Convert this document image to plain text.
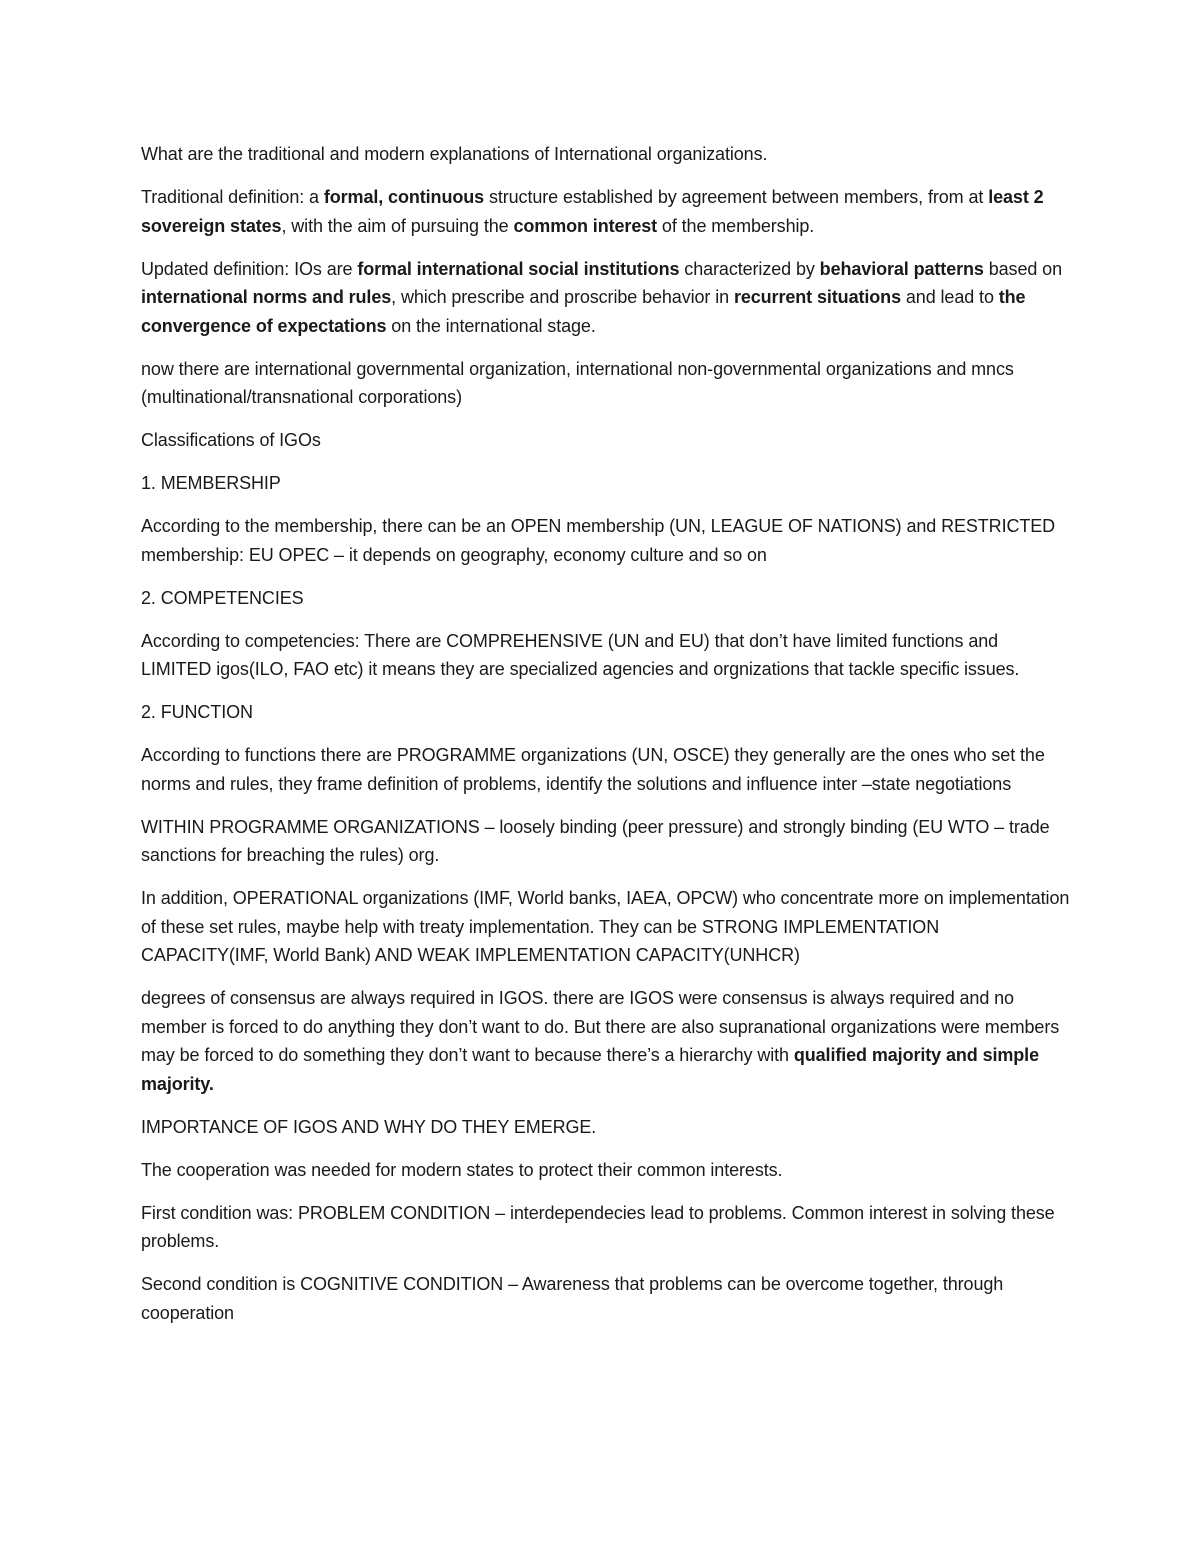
What are the traditional and modern explanations of International organizations.

Traditional definition: a formal, continuous structure established by agreement between members, from at least 2 sovereign states, with the aim of pursuing the common interest of the membership.

Updated definition: IOs are formal international social institutions characterized by behavioral patterns based on international norms and rules, which prescribe and proscribe behavior in recurrent situations and lead to the convergence of expectations on the international stage.

now there are international governmental organization, international non-governmental organizations and mncs (multinational/transnational corporations)

Classifications of IGOs

1. MEMBERSHIP

According to the membership, there can be an OPEN membership (UN, LEAGUE OF NATIONS) and RESTRICTED membership: EU OPEC – it depends on geography, economy culture and so on

2. COMPETENCIES

According to competencies: There are COMPREHENSIVE (UN and EU) that don’t have limited functions and LIMITED igos(ILO, FAO etc) it means they are specialized agencies and orgnizations that tackle specific issues.

2. FUNCTION

According to functions there are PROGRAMME organizations (UN, OSCE) they generally are the ones who set the norms and rules, they frame definition of problems, identify the solutions and influence inter –state negotiations

WITHIN PROGRAMME ORGANIZATIONS – loosely binding (peer pressure) and strongly binding (EU WTO – trade sanctions for breaching the rules) org.

In addition, OPERATIONAL organizations (IMF, World banks, IAEA, OPCW) who concentrate more on implementation of these set rules, maybe help with treaty implementation. They can be STRONG IMPLEMENTATION CAPACITY(IMF, World Bank) AND WEAK IMPLEMENTATION CAPACITY(UNHCR)

degrees of consensus are always required in IGOS. there are IGOS were consensus is always required and no member is forced to do anything they don’t want to do. But there are also supranational organizations were members may be forced to do something they don’t want to because there’s a hierarchy with qualified majority and simple majority.

IMPORTANCE OF IGOS AND WHY DO THEY EMERGE.

The cooperation was needed for modern states to protect their common interests.

First condition was: PROBLEM CONDITION – interdependecies lead to problems. Common interest in solving these problems.

Second condition is COGNITIVE CONDITION – Awareness that problems can be overcome together, through cooperation
